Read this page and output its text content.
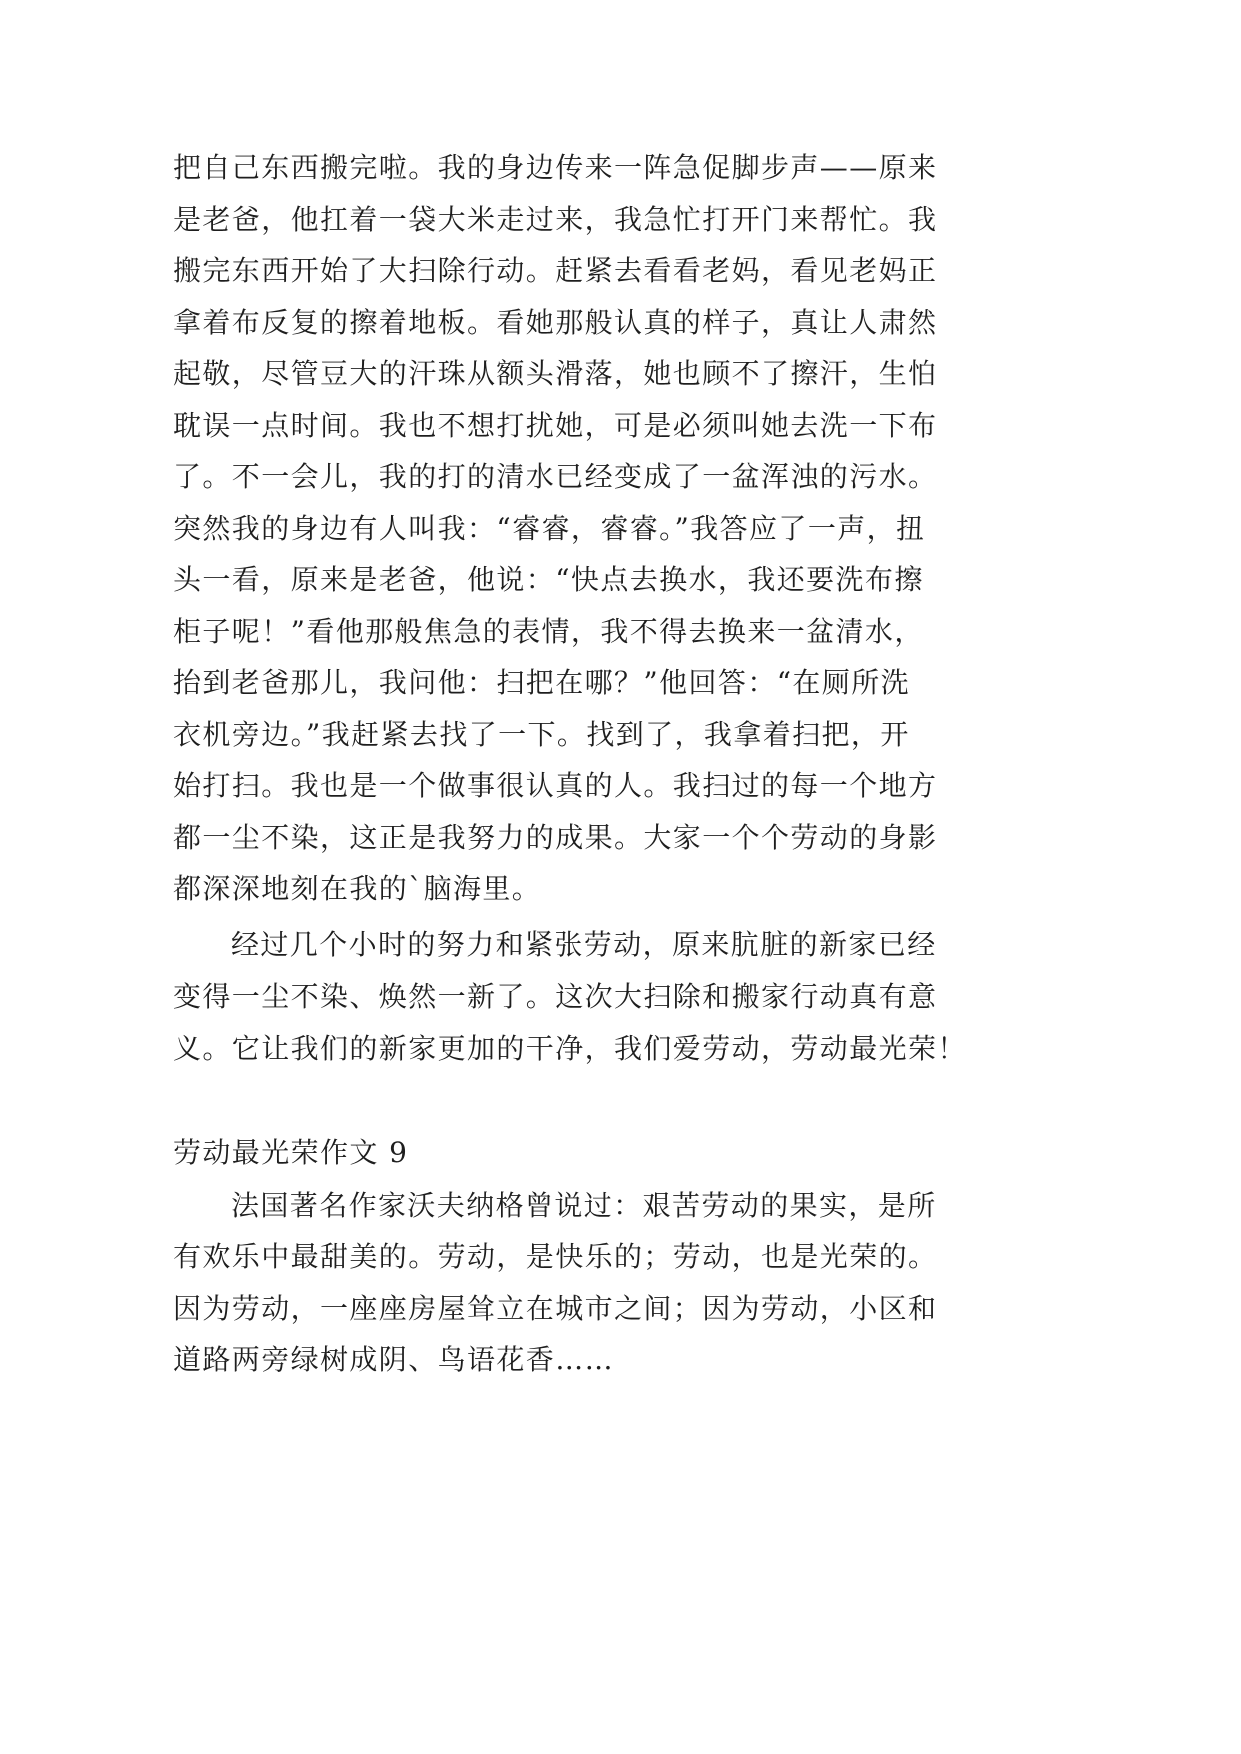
把自己东西搬完啦。我的身边传来一阵急促脚步声——原来
是老爸，他扛着一袋大米走过来，我急忙打开门来帮忙。我
搬完东西开始了大扫除行动。赶紧去看看老妈，看见老妈正
拿着布反复的擦着地板。看她那般认真的样子，真让人肃然
起敬，尽管豆大的汗珠从额头滑落，她也顾不了擦汗，生怕
耽误一点时间。我也不想打扰她，可是必须叫她去洗一下布
了。不一会儿，我的打的清水已经变成了一盆浑浊的污水。
突然我的身边有人叫我：“睿睿，睿睿。”我答应了一声，扭
头一看，原来是老爸，他说：“快点去换水，我还要洗布擦
柜子呢！”看他那般焦急的表情，我不得去换来一盆清水，
抬到老爸那儿，我问他：扫把在哪？”他回答：“在厕所洗
衣机旁边。”我赶紧去找了一下。找到了，我拿着扫把，开
始打扫。我也是一个做事很认真的人。我扫过的每一个地方
都一尘不染，这正是我努力的成果。大家一个个劳动的身影
都深深地刻在我的`脑海里。
经过几个小时的努力和紧张劳动，原来肮脏的新家已经
变得一尘不染、焕然一新了。这次大扫除和搬家行动真有意
义。它让我们的新家更加的干净，我们爱劳动，劳动最光荣！
劳动最光荣作文 9
法国著名作家沃夫纳格曾说过：艰苦劳动的果实，是所
有欢乐中最甜美的。劳动，是快乐的；劳动，也是光荣的。
因为劳动，一座座房屋耸立在城市之间；因为劳动，小区和
道路两旁绿树成阴、鸟语花香……
